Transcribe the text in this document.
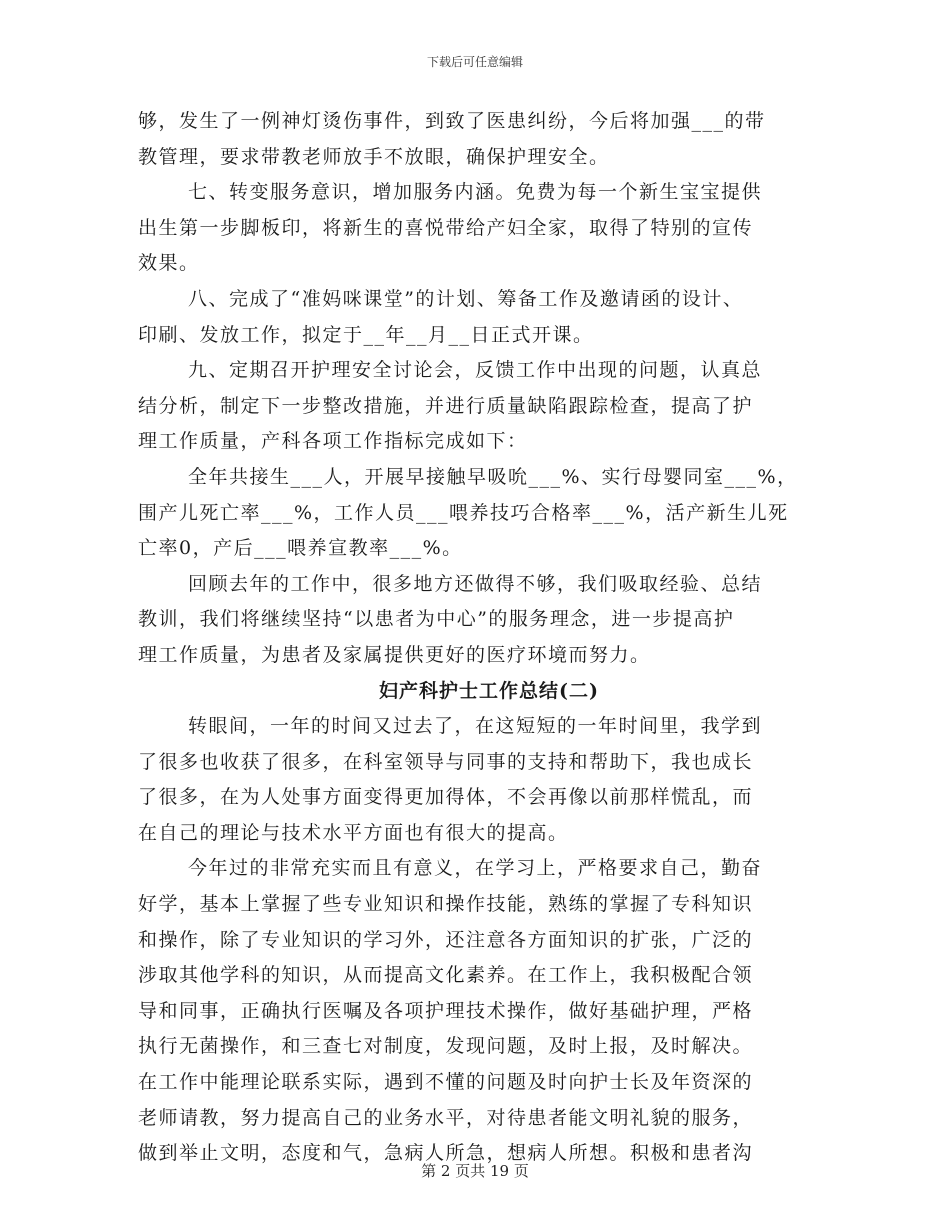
下载后可任意编辑
够，发生了一例神灯烫伤事件，到致了医患纠纷，今后将加强___的带
教管理，要求带教老师放手不放眼，确保护理安全。
七、转变服务意识，增加服务内涵。免费为每一个新生宝宝提供
出生第一步脚板印，将新生的喜悦带给产妇全家，取得了特别的宣传
效果。
八、完成了“准妈咪课堂”的计划、筹备工作及邀请函的设计、
印刷、发放工作，拟定于__年__月__日正式开课。
九、定期召开护理安全讨论会，反馈工作中出现的问题，认真总
结分析，制定下一步整改措施，并进行质量缺陷跟踪检查，提高了护
理工作质量，产科各项工作指标完成如下：
全年共接生___人，开展早接触早吸吮___%、实行母婴同室___%，
围产儿死亡率___%，工作人员___喂养技巧合格率___%，活产新生儿死
亡率0，产后___喂养宣教率___%。
回顾去年的工作中，很多地方还做得不够，我们吸取经验、总结
教训，我们将继续坚持“以患者为中心”的服务理念，进一步提高护
理工作质量，为患者及家属提供更好的医疗环境而努力。
妇产科护士工作总结(二)
转眼间，一年的时间又过去了，在这短短的一年时间里，我学到
了很多也收获了很多，在科室领导与同事的支持和帮助下，我也成长
了很多，在为人处事方面变得更加得体，不会再像以前那样慌乱，而
在自己的理论与技术水平方面也有很大的提高。
今年过的非常充实而且有意义，在学习上，严格要求自己，勤奋
好学，基本上掌握了些专业知识和操作技能，熟练的掌握了专科知识
和操作，除了专业知识的学习外，还注意各方面知识的扩张，广泛的
涉取其他学科的知识，从而提高文化素养。在工作上，我积极配合领
导和同事，正确执行医嘱及各项护理技术操作，做好基础护理，严格
执行无菌操作，和三查七对制度，发现问题，及时上报，及时解决。
在工作中能理论联系实际，遇到不懂的问题及时向护士长及年资深的
老师请教，努力提高自己的业务水平，对待患者能文明礼貌的服务，
做到举止文明，态度和气，急病人所急，想病人所想。积极和患者沟
第 2 页共 19 页
